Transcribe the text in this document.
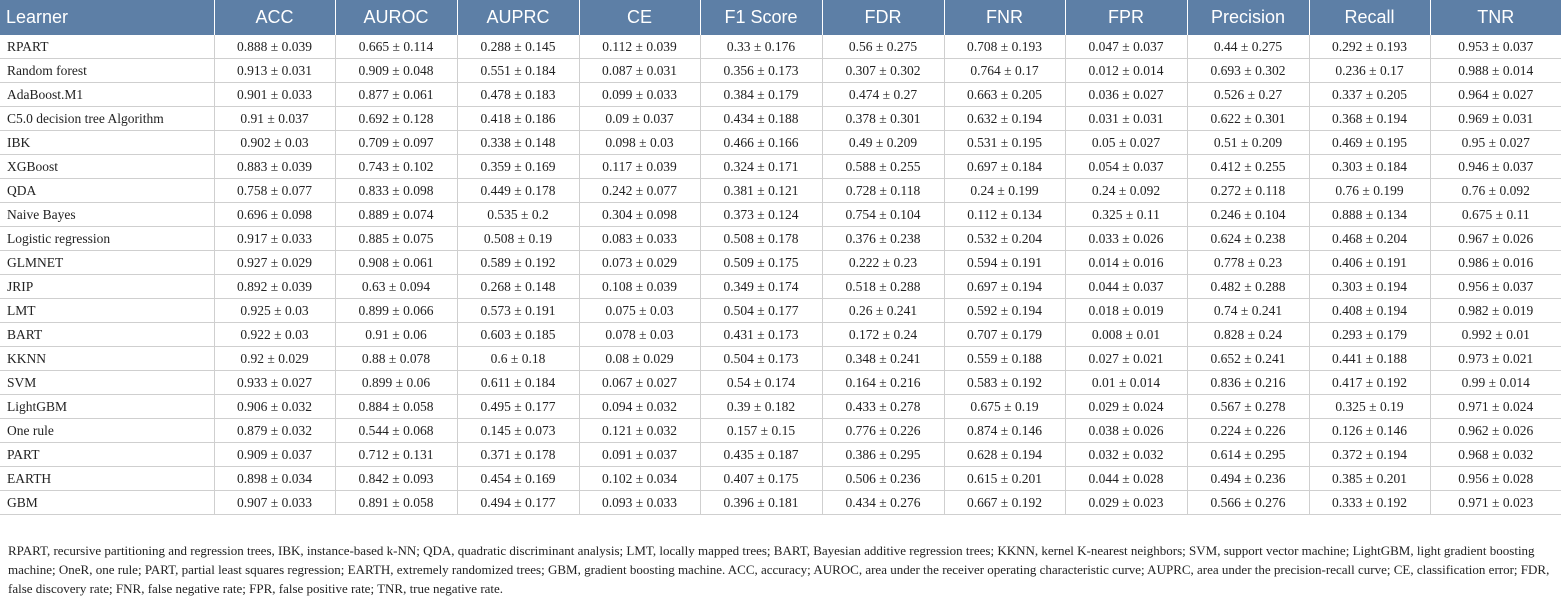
Learner	ACC	AUROC	AUPRC	CE	F1 Score	FDR	FNR	FPR	Precision	Recall	TNR
RPART	0.888 ± 0.039	0.665 ± 0.114	0.288 ± 0.145	0.112 ± 0.039	0.33 ± 0.176	0.56 ± 0.275	0.708 ± 0.193	0.047 ± 0.037	0.44 ± 0.275	0.292 ± 0.193	0.953 ± 0.037
Random forest	0.913 ± 0.031	0.909 ± 0.048	0.551 ± 0.184	0.087 ± 0.031	0.356 ± 0.173	0.307 ± 0.302	0.764 ± 0.17	0.012 ± 0.014	0.693 ± 0.302	0.236 ± 0.17	0.988 ± 0.014
AdaBoost.M1	0.901 ± 0.033	0.877 ± 0.061	0.478 ± 0.183	0.099 ± 0.033	0.384 ± 0.179	0.474 ± 0.27	0.663 ± 0.205	0.036 ± 0.027	0.526 ± 0.27	0.337 ± 0.205	0.964 ± 0.027
C5.0 decision tree Algorithm	0.91 ± 0.037	0.692 ± 0.128	0.418 ± 0.186	0.09 ± 0.037	0.434 ± 0.188	0.378 ± 0.301	0.632 ± 0.194	0.031 ± 0.031	0.622 ± 0.301	0.368 ± 0.194	0.969 ± 0.031
IBK	0.902 ± 0.03	0.709 ± 0.097	0.338 ± 0.148	0.098 ± 0.03	0.466 ± 0.166	0.49 ± 0.209	0.531 ± 0.195	0.05 ± 0.027	0.51 ± 0.209	0.469 ± 0.195	0.95 ± 0.027
XGBoost	0.883 ± 0.039	0.743 ± 0.102	0.359 ± 0.169	0.117 ± 0.039	0.324 ± 0.171	0.588 ± 0.255	0.697 ± 0.184	0.054 ± 0.037	0.412 ± 0.255	0.303 ± 0.184	0.946 ± 0.037
QDA	0.758 ± 0.077	0.833 ± 0.098	0.449 ± 0.178	0.242 ± 0.077	0.381 ± 0.121	0.728 ± 0.118	0.24 ± 0.199	0.24 ± 0.092	0.272 ± 0.118	0.76 ± 0.199	0.76 ± 0.092
Naive Bayes	0.696 ± 0.098	0.889 ± 0.074	0.535 ± 0.2	0.304 ± 0.098	0.373 ± 0.124	0.754 ± 0.104	0.112 ± 0.134	0.325 ± 0.11	0.246 ± 0.104	0.888 ± 0.134	0.675 ± 0.11
Logistic regression	0.917 ± 0.033	0.885 ± 0.075	0.508 ± 0.19	0.083 ± 0.033	0.508 ± 0.178	0.376 ± 0.238	0.532 ± 0.204	0.033 ± 0.026	0.624 ± 0.238	0.468 ± 0.204	0.967 ± 0.026
GLMNET	0.927 ± 0.029	0.908 ± 0.061	0.589 ± 0.192	0.073 ± 0.029	0.509 ± 0.175	0.222 ± 0.23	0.594 ± 0.191	0.014 ± 0.016	0.778 ± 0.23	0.406 ± 0.191	0.986 ± 0.016
JRIP	0.892 ± 0.039	0.63 ± 0.094	0.268 ± 0.148	0.108 ± 0.039	0.349 ± 0.174	0.518 ± 0.288	0.697 ± 0.194	0.044 ± 0.037	0.482 ± 0.288	0.303 ± 0.194	0.956 ± 0.037
LMT	0.925 ± 0.03	0.899 ± 0.066	0.573 ± 0.191	0.075 ± 0.03	0.504 ± 0.177	0.26 ± 0.241	0.592 ± 0.194	0.018 ± 0.019	0.74 ± 0.241	0.408 ± 0.194	0.982 ± 0.019
BART	0.922 ± 0.03	0.91 ± 0.06	0.603 ± 0.185	0.078 ± 0.03	0.431 ± 0.173	0.172 ± 0.24	0.707 ± 0.179	0.008 ± 0.01	0.828 ± 0.24	0.293 ± 0.179	0.992 ± 0.01
KKNN	0.92 ± 0.029	0.88 ± 0.078	0.6 ± 0.18	0.08 ± 0.029	0.504 ± 0.173	0.348 ± 0.241	0.559 ± 0.188	0.027 ± 0.021	0.652 ± 0.241	0.441 ± 0.188	0.973 ± 0.021
SVM	0.933 ± 0.027	0.899 ± 0.06	0.611 ± 0.184	0.067 ± 0.027	0.54 ± 0.174	0.164 ± 0.216	0.583 ± 0.192	0.01 ± 0.014	0.836 ± 0.216	0.417 ± 0.192	0.99 ± 0.014
LightGBM	0.906 ± 0.032	0.884 ± 0.058	0.495 ± 0.177	0.094 ± 0.032	0.39 ± 0.182	0.433 ± 0.278	0.675 ± 0.19	0.029 ± 0.024	0.567 ± 0.278	0.325 ± 0.19	0.971 ± 0.024
One rule	0.879 ± 0.032	0.544 ± 0.068	0.145 ± 0.073	0.121 ± 0.032	0.157 ± 0.15	0.776 ± 0.226	0.874 ± 0.146	0.038 ± 0.026	0.224 ± 0.226	0.126 ± 0.146	0.962 ± 0.026
PART	0.909 ± 0.037	0.712 ± 0.131	0.371 ± 0.178	0.091 ± 0.037	0.435 ± 0.187	0.386 ± 0.295	0.628 ± 0.194	0.032 ± 0.032	0.614 ± 0.295	0.372 ± 0.194	0.968 ± 0.032
EARTH	0.898 ± 0.034	0.842 ± 0.093	0.454 ± 0.169	0.102 ± 0.034	0.407 ± 0.175	0.506 ± 0.236	0.615 ± 0.201	0.044 ± 0.028	0.494 ± 0.236	0.385 ± 0.201	0.956 ± 0.028
GBM	0.907 ± 0.033	0.891 ± 0.058	0.494 ± 0.177	0.093 ± 0.033	0.396 ± 0.181	0.434 ± 0.276	0.667 ± 0.192	0.029 ± 0.023	0.566 ± 0.276	0.333 ± 0.192	0.971 ± 0.023

RPART, recursive partitioning and regression trees, IBK, instance-based k-NN; QDA, quadratic discriminant analysis; LMT, locally mapped trees; BART, Bayesian additive regression trees; KKNN, kernel K-nearest neighbors; SVM, support vector machine; LightGBM, light gradient boosting machine; OneR, one rule; PART, partial least squares regression; EARTH, extremely randomized trees; GBM, gradient boosting machine. ACC, accuracy; AUROC, area under the receiver operating characteristic curve; AUPRC, area under the precision-recall curve; CE, classification error; FDR, false discovery rate; FNR, false negative rate; FPR, false positive rate; TNR, true negative rate.
